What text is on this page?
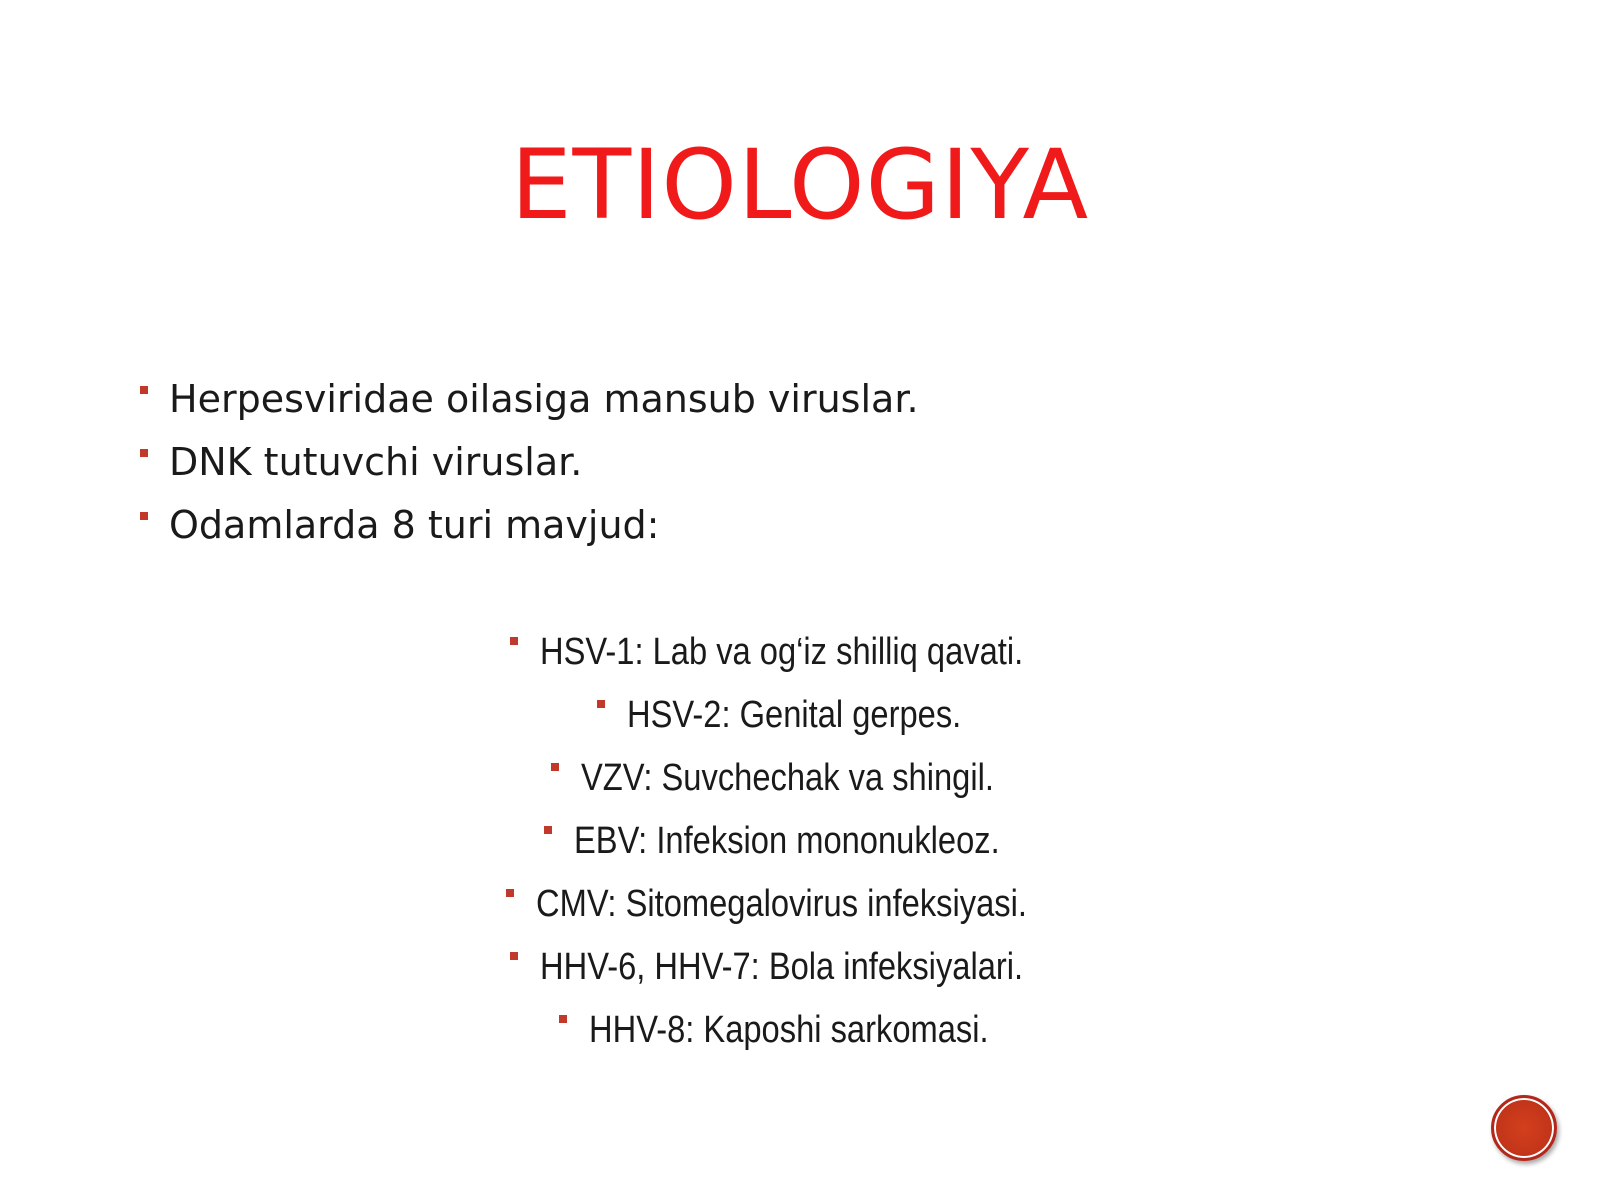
ETIOLOGIYA
Herpesviridae oilasiga mansub viruslar.
DNK tutuvchi viruslar.
Odamlarda 8 turi mavjud:
HSV-1: Lab va og‘iz shilliq qavati.
HSV-2: Genital gerpes.
VZV: Suvchechak va shingil.
EBV: Infeksion mononukleoz.
CMV: Sitomegalovirus infeksiyasi.
HHV-6, HHV-7: Bola infeksiyalari.
HHV-8: Kaposhi sarkomasi.
